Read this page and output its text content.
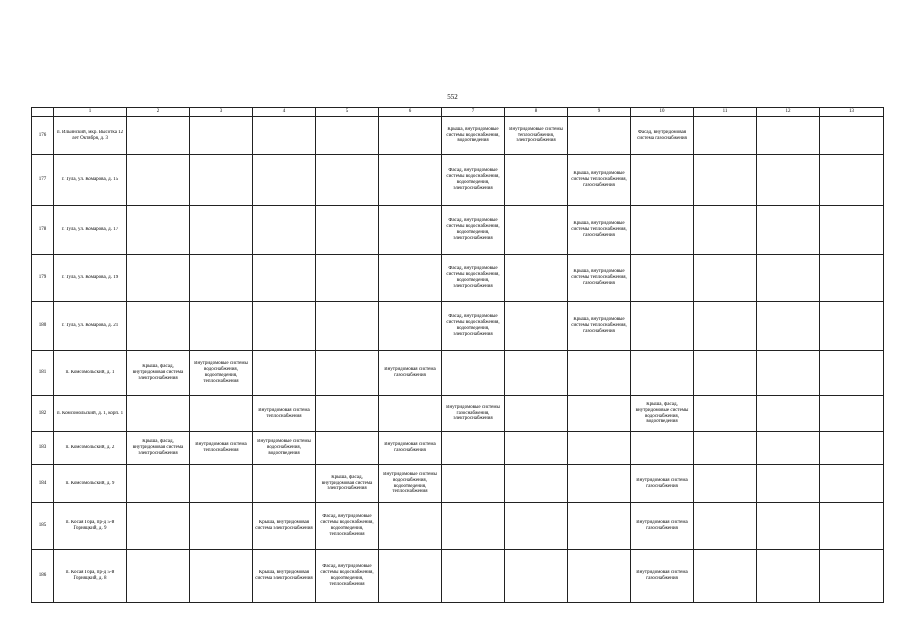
552
	1	2	3	4	5	6	7	8	9	10	11	12	13
176	п. Ильинский, мкр. Высотка 12 лет Октября, д. 3						Крыша, внутридомовые системы водоснабжения, водоотведения	Внутридомовые системы теплоснабжения, электроснабжения		Фасад, внутридомовая система газоснабжения			

177	г. Тула, ул. Комарова, д. 15						Фасад, внутридомовые системы водоснабжения, водоотведения, электроснабжения		Крыша, внутридомовые системы теплоснабжения, газоснабжения				

178	г. Тула, ул. Комарова, д. 17						Фасад, внутридомовые системы водоснабжения, водоотведения, электроснабжения		Крыша, внутридомовые системы теплоснабжения, газоснабжения				

179	г. Тула, ул. Комарова, д. 19						Фасад, внутридомовые системы водоснабжения, водоотведения, электроснабжения		Крыша, внутридомовые системы теплоснабжения, газоснабжения				

180	г. Тула, ул. Комарова, д. 21						Фасад, внутридомовые системы водоснабжения, водоотведения, электроснабжения		Крыша, внутридомовые системы теплоснабжения, газоснабжения				

181	п. Комсомольский, д. 1	Крыша, фасад, внутридомовая система электроснабжения	Внутридомовые системы водоснабжения, водоотведения, теплоснабжения			Внутридомовая система газоснабжения							

182	п. Комсомольский, д. 1, корп. 1			Внутридомовая система теплоснабжения			Внутридомовые системы газоснабжения, электроснабжения			Крыша, фасад, внутридомовые системы водоснабжения, водоотведения			

183	п. Комсомольский, д. 2	Крыша, фасад, внутридомовая система электроснабжения	Внутридомовая система теплоснабжения	Внутридомовые системы водоснабжения, водоотведения		Внутридомовая система газоснабжения							

184	п. Комсомольский, д. 9				Крыша, фасад, внутридомовая система электроснабжения	Внутридомовые системы водоснабжения, водоотведения, теплоснабжения				Внутридомовая система газоснабжения			

185	п. Косая Гора, пр-д 5-й Горняцкий, д. 9			Крыша, внутридомовая система электроснабжения	Фасад, внутридомовые системы водоснабжения, водоотведения, теплоснабжения					Внутридомовая система газоснабжения			

186	п. Косая Гора, пр-д 5-й Горняцкий, д. 8			Крыша, внутридомовая система электроснабжения	Фасад, внутридомовые системы водоснабжения, водоотведения, теплоснабжения					Внутридомовая система газоснабжения			
